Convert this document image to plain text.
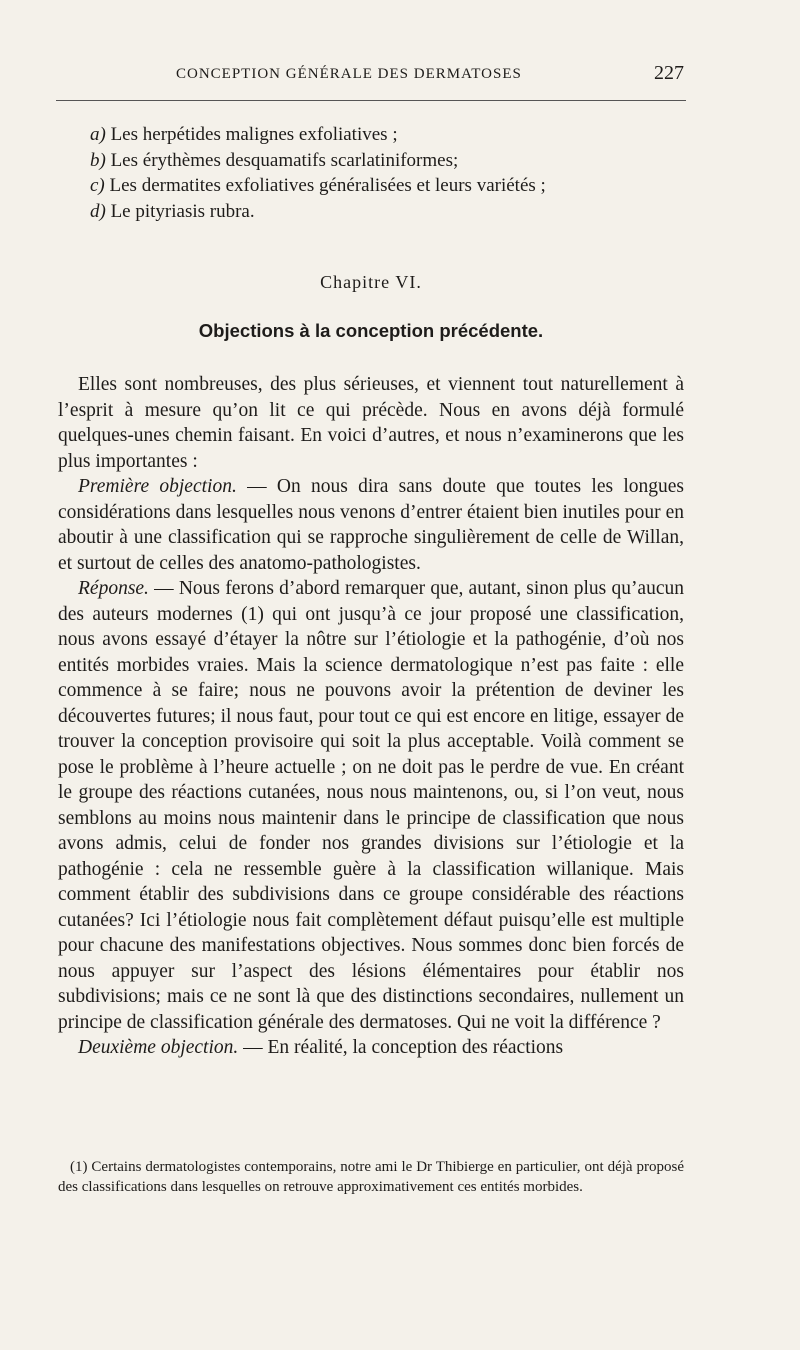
CONCEPTION GÉNÉRALE DES DERMATOSES	227
a) Les herpétides malignes exfoliatives ;
b) Les érythèmes desquamatifs scarlatiniformes;
c) Les dermatites exfoliatives généralisées et leurs variétés ;
d) Le pityriasis rubra.
Chapitre VI.
Objections à la conception précédente.

Elles sont nombreuses, des plus sérieuses, et viennent tout naturellement à l’esprit à mesure qu’on lit ce qui précède. Nous en avons déjà formulé quelques-unes chemin faisant. En voici d’autres, et nous n’examinerons que les plus importantes :

Première objection. — On nous dira sans doute que toutes les longues considérations dans lesquelles nous venons d’entrer étaient bien inutiles pour en aboutir à une classification qui se rapproche singulièrement de celle de Willan, et surtout de celles des anatomo-pathologistes.

Réponse. — Nous ferons d’abord remarquer que, autant, sinon plus qu’aucun des auteurs modernes (1) qui ont jusqu’à ce jour proposé une classification, nous avons essayé d’étayer la nôtre sur l’étiologie et la pathogénie, d’où nos entités morbides vraies. Mais la science dermatologique n’est pas faite : elle commence à se faire; nous ne pouvons avoir la prétention de deviner les découvertes futures; il nous faut, pour tout ce qui est encore en litige, essayer de trouver la conception provisoire qui soit la plus acceptable. Voilà comment se pose le problème à l’heure actuelle ; on ne doit pas le perdre de vue. En créant le groupe des réactions cutanées, nous nous maintenons, ou, si l’on veut, nous semblons au moins nous maintenir dans le principe de classification que nous avons admis, celui de fonder nos grandes divisions sur l’étiologie et la pathogénie : cela ne ressemble guère à la classification willanique. Mais comment établir des subdivisions dans ce groupe considérable des réactions cutanées? Ici l’étiologie nous fait complètement défaut puisqu’elle est multiple pour chacune des manifestations objectives. Nous sommes donc bien forcés de nous appuyer sur l’aspect des lésions élémentaires pour établir nos subdivisions; mais ce ne sont là que des distinctions secondaires, nullement un principe de classification générale des dermatoses. Qui ne voit la différence ?

Deuxième objection. — En réalité, la conception des réactions

(1) Certains dermatologistes contemporains, notre ami le Dr Thibierge en particulier, ont déjà proposé des classifications dans lesquelles on retrouve approximativement ces entités morbides.
